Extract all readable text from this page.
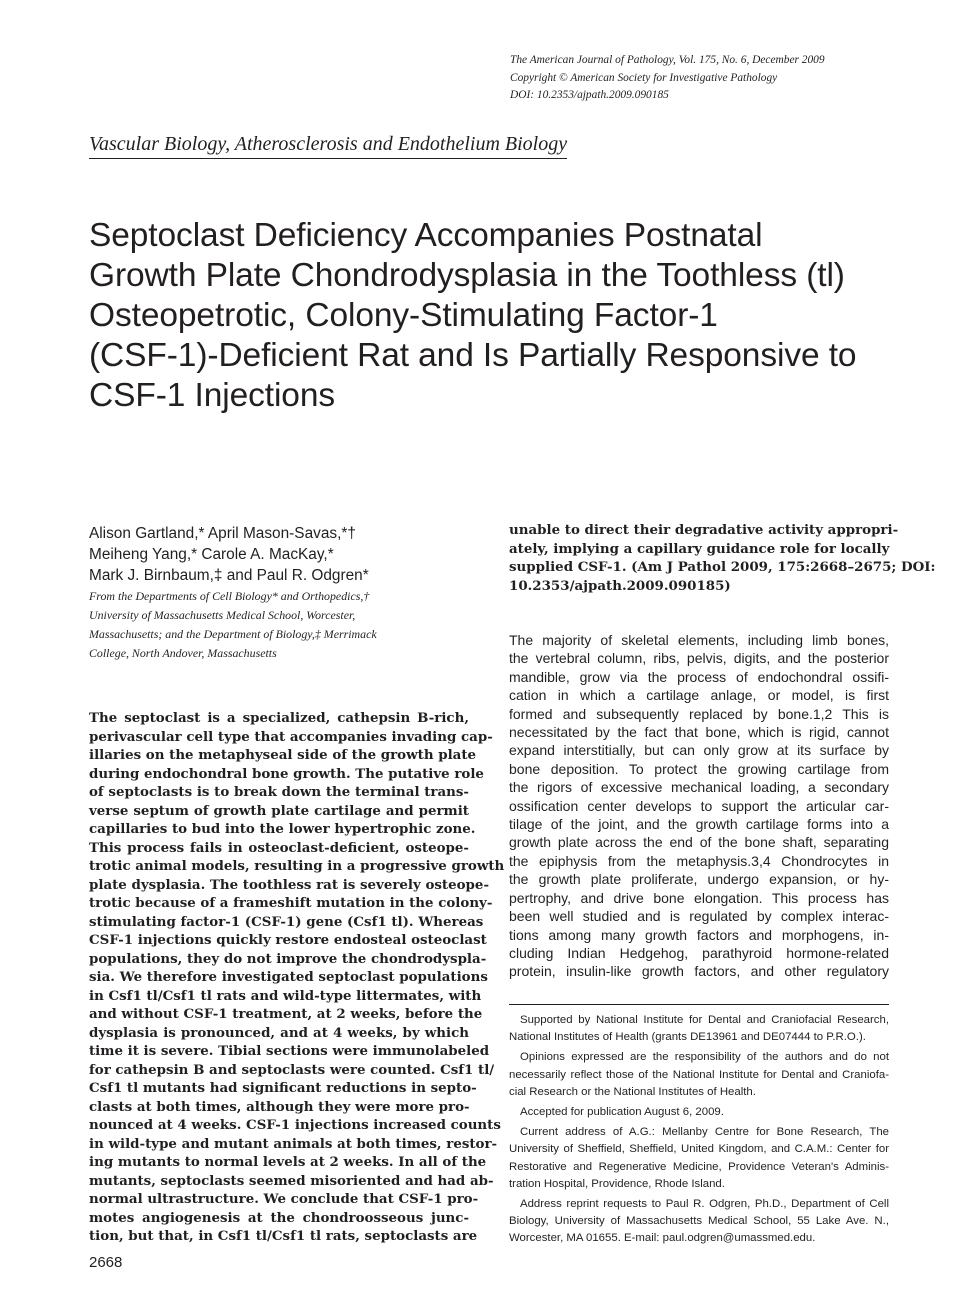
The American Journal of Pathology, Vol. 175, No. 6, December 2009
Copyright © American Society for Investigative Pathology
DOI: 10.2353/ajpath.2009.090185
Vascular Biology, Atherosclerosis and Endothelium Biology
Septoclast Deficiency Accompanies Postnatal
Growth Plate Chondrodysplasia in the Toothless (tl)
Osteopetrotic, Colony-Stimulating Factor-1
(CSF-1)-Deficient Rat and Is Partially Responsive to
CSF-1 Injections
Alison Gartland,* April Mason-Savas,*†
Meiheng Yang,* Carole A. MacKay,*
Mark J. Birnbaum,‡ and Paul R. Odgren*
From the Departments of Cell Biology* and Orthopedics,†
University of Massachusetts Medical School, Worcester,
Massachusetts; and the Department of Biology,‡ Merrimack
College, North Andover, Massachusetts
The septoclast is a specialized, cathepsin B-rich,
perivascular cell type that accompanies invading cap-
illaries on the metaphyseal side of the growth plate
during endochondral bone growth. The putative role
of septoclasts is to break down the terminal trans-
verse septum of growth plate cartilage and permit
capillaries to bud into the lower hypertrophic zone.
This process fails in osteoclast-deficient, osteope-
trotic animal models, resulting in a progressive growth
plate dysplasia. The toothless rat is severely osteope-
trotic because of a frameshift mutation in the colony-
stimulating factor-1 (CSF-1) gene (Csf1 tl). Whereas
CSF-1 injections quickly restore endosteal osteoclast
populations, they do not improve the chondrodyspla-
sia. We therefore investigated septoclast populations
in Csf1 tl/Csf1 tl rats and wild-type littermates, with
and without CSF-1 treatment, at 2 weeks, before the
dysplasia is pronounced, and at 4 weeks, by which
time it is severe. Tibial sections were immunolabeled
for cathepsin B and septoclasts were counted. Csf1 tl/
Csf1 tl mutants had significant reductions in septo-
clasts at both times, although they were more pro-
nounced at 4 weeks. CSF-1 injections increased counts
in wild-type and mutant animals at both times, restor-
ing mutants to normal levels at 2 weeks. In all of the
mutants, septoclasts seemed misoriented and had ab-
normal ultrastructure. We conclude that CSF-1 pro-
motes angiogenesis at the chondroosseous junc-
tion, but that, in Csf1 tl/Csf1 tl rats, septoclasts are
unable to direct their degradative activity appropri-
ately, implying a capillary guidance role for locally
supplied CSF-1. (Am J Pathol 2009, 175:2668–2675; DOI:
10.2353/ajpath.2009.090185)
The majority of skeletal elements, including limb bones,
the vertebral column, ribs, pelvis, digits, and the posterior
mandible, grow via the process of endochondral ossifi-
cation in which a cartilage anlage, or model, is first
formed and subsequently replaced by bone.1,2 This is
necessitated by the fact that bone, which is rigid, cannot
expand interstitially, but can only grow at its surface by
bone deposition. To protect the growing cartilage from
the rigors of excessive mechanical loading, a secondary
ossification center develops to support the articular car-
tilage of the joint, and the growth cartilage forms into a
growth plate across the end of the bone shaft, separating
the epiphysis from the metaphysis.3,4 Chondrocytes in
the growth plate proliferate, undergo expansion, or hy-
pertrophy, and drive bone elongation. This process has
been well studied and is regulated by complex interac-
tions among many growth factors and morphogens, in-
cluding Indian Hedgehog, parathyroid hormone-related
protein, insulin-like growth factors, and other regulatory
Supported by National Institute for Dental and Craniofacial Research,
National Institutes of Health (grants DE13961 and DE07444 to P.R.O.).
Opinions expressed are the responsibility of the authors and do not
necessarily reflect those of the National Institute for Dental and Craniofa-
cial Research or the National Institutes of Health.
Accepted for publication August 6, 2009.
Current address of A.G.: Mellanby Centre for Bone Research, The
University of Sheffield, Sheffield, United Kingdom, and C.A.M.: Center for
Restorative and Regenerative Medicine, Providence Veteran's Adminis-
tration Hospital, Providence, Rhode Island.
Address reprint requests to Paul R. Odgren, Ph.D., Department of Cell
Biology, University of Massachusetts Medical School, 55 Lake Ave. N.,
Worcester, MA 01655. E-mail: paul.odgren@umassmed.edu.
2668
